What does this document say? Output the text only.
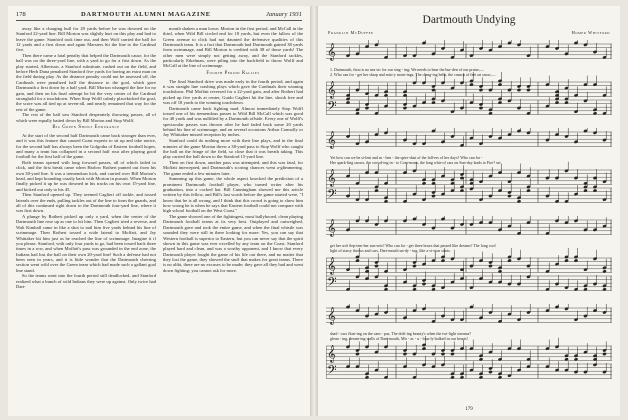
178	DARTMOUTH ALUMNI MAGAZINE	January 1931

away like a charging bull for 29 yards before he was downed on the Stanford 22-yard line. Bill Morton was slightly hurt on this play and had to leave the game. Stanford took time out, and then Wolf carried the ball for 12 yards and a first down and again Marsters hit the line to the Cardinal five.

Then there came a fatal penalty that helped the Dartmouth cause, for the ball was on the three-yard line, with a yard to go for a first down. As the play started, Albertson, a Stanford substitute, rushed out on the field, and before Herb Dana penalized Stanford five yards for having an extra man on the field during play. As the distance penalty could not be assessed off, the Cardinals were penalized half the distance to the goal, which gave Dartmouth a first down by a half yard. Bill Morton whanged the line for no gain, and then on his final attempt he hit the very center of the Cardinal stronghold for a touchdown. When Stop Wolff calmly placekicked the goal, the score was all tied up at seven-all, and nearly remained that way for the rest of the game.

The rest of the half saw Stanford desperately throwing passes, all of which were equally batted down by Bill Morton and Stop Wolff.

Big Green Shows Endurance

At the start of the second half Dartmouth came back stronger than ever, and it was this feature that caused Coast experts to sit up and take notice, for the second half has always been the Golgotha of Eastern football hopes, and many a team has collapsed in a second half rout after playing good football for the first half of the game.

Both teams opened with long forward passes, all of which failed to click, and the first break came when Harlow Rothert punted out from his own 30-yard line. It was a tremendous kick, and carried over Bill Morton's head, and kept bounding crazily back with Morton in pursuit. When Morton finally picked it up he was downed in his tracks on his own 15-yard line, and kicked out only to his 45.

Then Stanford opened up. They seemed Caglieri off tackle, and tossed laterals over the ends, pulling tackles out of the line to form the guards, and all of this continued right down to the Dartmouth four-yard line, where it was first down.

A plunge by Rothert picked up only a yard, when the center of the Dartmouth line rose up as one to hit him. Then Caglieri tried a reverse, and Walt Kimball came in like a shot to nail him five yards behind his line of scrimmage. Then Rothert tossed a wide lateral to Moffatt, and Jay Whittaker hit him just as he reached the line of scrimmage. Imagine it if you please. Stanford, with only four yards to go, had been tossed back three times in a row, and when Moffatt's pass was grounded in the end zone, the Indians had lost the ball on their own 20-yard line! Such a defense had not been seen in years, and it is little wonder that the Dartmouth cheering section went wild over the Green team which had made such a gallant goal line stand.

So the teams went into the fourth period still deadlocked, and Stanford realized what a bunch of wild Indians they were up against. Only twice had Dart-

mouth shaken a man loose; Morton in the first period, and McCall in the third, when Wild Bill circled end for 18 yards, but even the fallow of the Green avenue to click had not daunted the defensive qualities of this Dartmouth team. It is a fact that Dartmouth had Dartmouth gained 38 yards from scrimmage, and Bill Morton is credited with 38 of those yards! The other men were simply not getting away, and the Stanford tackles, particularly Eikelman, were piling into the backfield to throw Wolff and McCall at the line of scrimmage.

Fourth Period Rallies

The final Stanford drive was made early in the fourth period, and again it was straight line crashing plays which gave the Cardinals their winning touchdown. Phil Moffatt reversed for a 22-yard gain, and after Rothert had picked up five yards at center, Guido Caglieri hit the line, shook free and was off 18 yards to the winning touchdown.

Dartmouth came back fighting mad. Almost immediately Stop Wolff tossed one of his tremendous passes to Wild Bill McCall which was good for 40 yards and was nullified by a Dartmouth offside. Every one of Wolff's spectacular passes was thrown after he had faded back some 20 yards behind his line of scrimmage, and on several occasions Arthur Connolly or Jay Whittaker missed reception by inches.

Stanford could do nothing more with their line plays, and in the final minutes of the game Morton threw a 38-yard pass to Stop Wolff who caught the ball on the fringe of the field, so close that it was breath taking. This play carried the ball down to the Stanford 15-yard line.

Then on first down, another pass was attempted, and this was fatal, for Moffatt intercepted, and Dartmouth's scoring chances went a-glimmering. The game ended a few minutes later.

Summing up this game, the whole aspect knocked the prediction of a prominent Dartmouth football player, who turned writer after his graduation, into a cocked hat. Bill Cunningham showed me this article written by this fellow, and Bill's last words before the game started were, "I know that he is all wrong, and I think that this crowd is going to show him how wrong he is when he says that Eastern football could not compare with high school football on the West Coast."

The game showed one of the fightingest, most ballyhooed, clean playing Dartmouth football teams at its very best. Outplayed and outweighed, Dartmouth gave and took the entire game, and when the final whistle was sounded they were still in there looking for more. Yes, you can say that Western football is superior to Eastern, but you can never say that the spirit shown in this game was ever excelled by any team on the Coast. Stanford played hard and clean, and was a worthy opponent, and I know that every Dartmouth player fought the game of his life out there, and no matter that they lost the game, they showed the stuff that makes for great teams. There is no alibi, there are no excuses to be made; they gave all they had and went down fighting; you cannot ask for more.

Dartmouth Undying
Franklin McDuffee	Homer Whitford
𝄞
𝄞
𝄢
1. Dartmouth, thou is no mu-sic for our sing - ing; We needs to bear the bur-den of our praise,—
2. Who can for - get her sharp and mist-y morn-ings, The clang-ing bells, the crunch of feet on snow,—
𝄞
𝄞
𝄢
Yet how can we be si-lent and m - ben - the spire-dust of the fall-ers of her days? Who can for -
Her spark-ling snows, the crowd-ing in - to Com-mons, the long whir-of cars on Sun-day leads to Fire? set
𝄞
𝄞
𝄢
get her soft Sep-tem-ber sun-sets? Who can for - get three hours that passed like dreams? The long cool
light of starry throws and cars, Dart-mouth un-dy - ing, like a vi-sion starts.
𝄞
𝄞
𝄢
shad - ows float-ing on the cam - pus, The drift-ing beauty's when the twi-light streams?
glean - ing, dream-ing walls of Dart-mouth, Mir - ac - u - lous-ly bulked in our hearts!
179
